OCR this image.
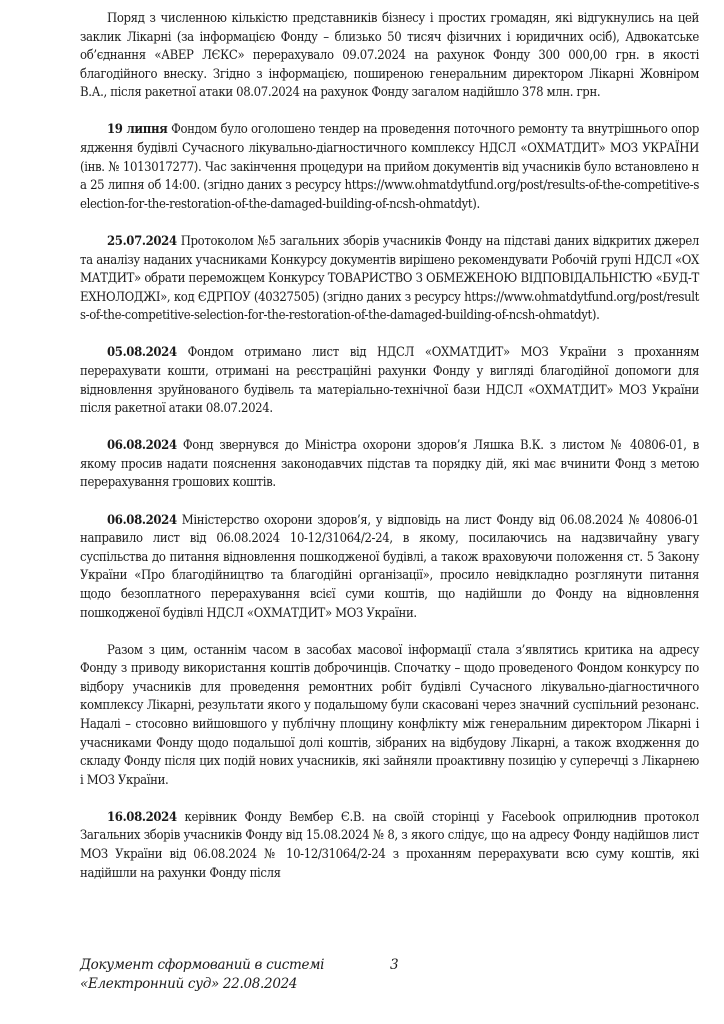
Поряд з численною кількістю представників бізнесу і простих громадян, які відгукнулись на цей заклик Лікарні (за інформацією Фонду – близько 50 тисяч фізичних і юридичних осіб), Адвокатське об’єднання «АВЕР ЛЄКС» перерахувало 09.07.2024 на рахунок Фонду 300 000,00 грн. в якості благодійного внеску. Згідно з інформацією, поширеною генеральним директором Лікарні Жовніром В.А., після ракетної атаки 08.07.2024 на рахунок Фонду загалом надійшло 378 млн. грн.

19 липня Фондом було оголошено тендер на проведення поточного ремонту та внутрішнього опорядження будівлі Сучасного лікувально-діагностичного комплексу НДСЛ «ОХМАТДИТ» МОЗ УКРАЇНИ (інв. № 1013017277). Час закінчення процедури на прийом документів від учасників було встановлено на 25 липня об 14:00. (згідно даних з ресурсу https://www.ohmatdytfund.org/post/results-of-the-competitive-selection-for-the-restoration-of-the-damaged-building-of-ncsh-ohmatdyt).

25.07.2024 Протоколом №5 загальних зборів учасників Фонду на підставі даних відкритих джерел та аналізу наданих учасниками Конкурсу документів вирішено рекомендувати Робочій групі НДСЛ «ОХМАТДИТ» обрати переможцем Конкурсу ТОВАРИСТВО З ОБМЕЖЕНОЮ ВІДПОВІДАЛЬНІСТЮ «БУД-ТЕХНОЛОДЖІ», код ЄДРПОУ (40327505) (згідно даних з ресурсу https://www.ohmatdytfund.org/post/results-of-the-competitive-selection-for-the-restoration-of-the-damaged-building-of-ncsh-ohmatdyt).

05.08.2024 Фондом отримано лист від НДСЛ «ОХМАТДИТ» МОЗ України з проханням перерахувати кошти, отримані на реєстраційні рахунки Фонду у вигляді благодійної допомоги для відновлення зруйнованого будівель та матеріально-технічної бази НДСЛ «ОХМАТДИТ» МОЗ України після ракетної атаки 08.07.2024.

06.08.2024 Фонд звернувся до Міністра охорони здоров’я Ляшка В.К. з листом № 40806-01, в якому просив надати пояснення законодавчих підстав та порядку дій, які має вчинити Фонд з метою перерахування грошових коштів.

06.08.2024 Міністерство охорони здоров’я, у відповідь на лист Фонду від 06.08.2024 № 40806-01 направило лист від 06.08.2024 10-12/31064/2-24, в якому, посилаючись на надзвичайну увагу суспільства до питання відновлення пошкодженої будівлі, а також враховуючи положення ст. 5 Закону України «Про благодійництво та благодійні організації», просило невідкладно розглянути питання щодо безоплатного перерахування всієї суми коштів, що надійшли до Фонду на відновлення пошкодженої будівлі НДСЛ «ОХМАТДИТ» МОЗ України.

Разом з цим, останнім часом в засобах масової інформації стала з’являтись критика на адресу Фонду з приводу використання коштів доброчинців. Спочатку – щодо проведеного Фондом конкурсу по відбору учасників для проведення ремонтних робіт будівлі Сучасного лікувально-діагностичного комплексу Лікарні, результати якого у подальшому були скасовані через значний суспільний резонанс. Надалі – стосовно вийшовшого у публічну площину конфлікту між генеральним директором Лікарні і учасниками Фонду щодо подальшої долі коштів, зібраних на відбудову Лікарні, а також входження до складу Фонду після цих подій нових учасників, які зайняли проактивну позицію у суперечці з Лікарнею і МОЗ України.

16.08.2024 керівник Фонду Вембер Є.В. на своїй сторінці у Facebook оприлюднив протокол Загальних зборів учасників Фонду від 15.08.2024 № 8, з якого слідує, що на адресу Фонду надійшов лист МОЗ України від 06.08.2024 № 10-12/31064/2-24 з проханням перерахувати всю суму коштів, які надійшли на рахунки Фонду після

Документ сформований в системі
«Електронний суд» 22.08.2024
3
